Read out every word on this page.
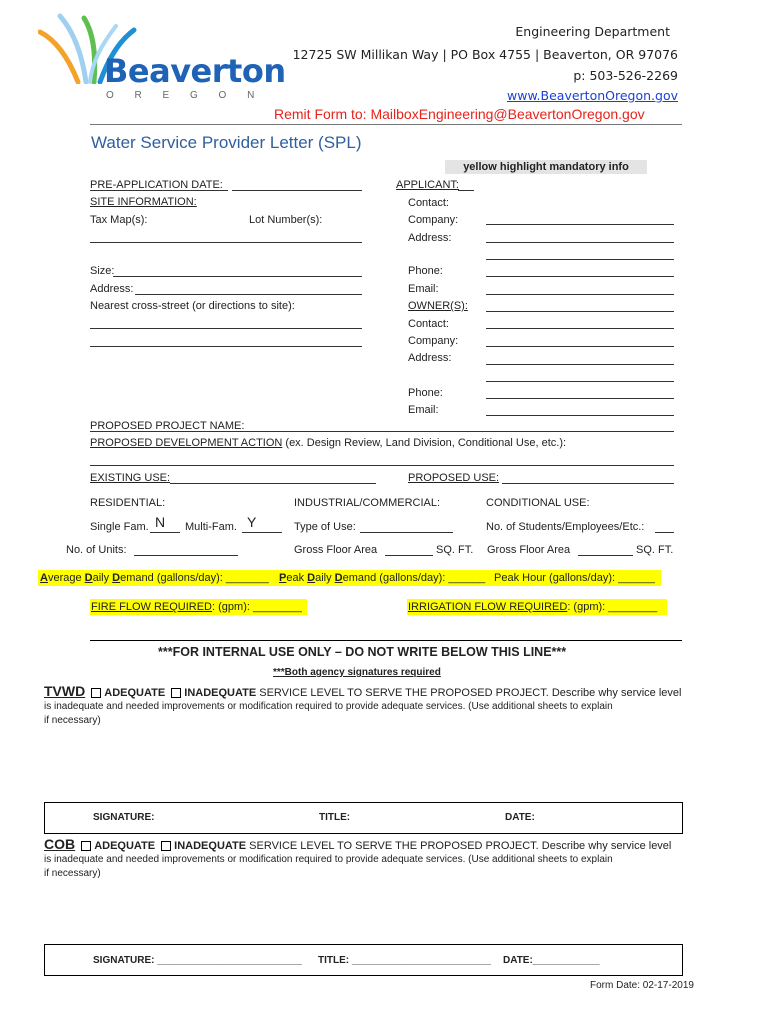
Beaverton
O R E G O N
Engineering Department
12725 SW Millikan Way | PO Box 4755 | Beaverton, OR 97076
p: 503-526-2269
www.BeavertonOregon.gov
Remit Form to: MailboxEngineering@BeavertonOregon.gov
Water Service Provider Letter (SPL)
yellow highlight mandatory info
PRE-APPLICATION DATE:
SITE INFORMATION:
Tax Map(s):	Lot Number(s):
Size:
Address:
Nearest cross-street (or directions to site):
APPLICANT:
Contact:
Company:
Address:
Phone:
Email:
OWNER(S):
Contact:
Company:
Address:
Phone:
Email:
PROPOSED PROJECT NAME:
PROPOSED DEVELOPMENT ACTION (ex. Design Review, Land Division, Conditional Use, etc.):
EXISTING USE:	PROPOSED USE:
RESIDENTIAL:	INDUSTRIAL/COMMERCIAL:	CONDITIONAL USE:
Single Fam. N Multi-Fam. Y	Type of Use:	No. of Students/Employees/Etc.:
No. of Units:	Gross Floor Area	SQ. FT. Gross Floor Area	SQ. FT.
Average Daily Demand (gallons/day): _______ Peak Daily Demand (gallons/day): ______ Peak Hour (gallons/day): ______
FIRE FLOW REQUIRED: (gpm): ________	IRRIGATION FLOW REQUIRED: (gpm): ________
***FOR INTERNAL USE ONLY – DO NOT WRITE BELOW THIS LINE***
***Both agency signatures required
TVWD ADEQUATE INADEQUATE SERVICE LEVEL TO SERVE THE PROPOSED PROJECT. Describe why service level
is inadequate and needed improvements or modification required to provide adequate services. (Use additional sheets to explain
if necessary)
SIGNATURE:	TITLE:	DATE:
COB ADEQUATE INADEQUATE SERVICE LEVEL TO SERVE THE PROPOSED PROJECT. Describe why service level
is inadequate and needed improvements or modification required to provide adequate services. (Use additional sheets to explain
if necessary)
SIGNATURE: __________________________ TITLE: _________________________ DATE:____________
Form Date: 02-17-2019
